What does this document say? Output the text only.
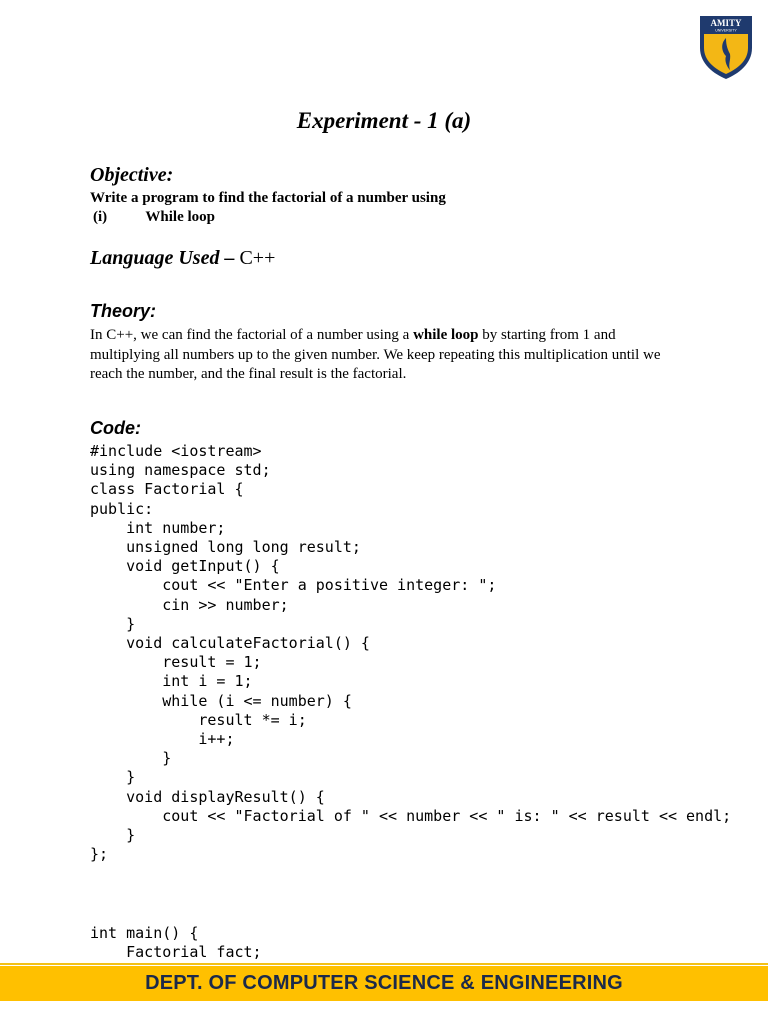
AMITY
UNIVERSITY
Experiment - 1 (a)
Objective:
Write a program to find the factorial of a number using
(i)	While loop
Language Used – C++
Theory:
In C++, we can find the factorial of a number using a while loop by starting from 1 and multiplying all numbers up to the given number. We keep repeating this multiplication until we reach the number, and the final result is the factorial.
Code:
#include <iostream>
using namespace std;
class Factorial {
public:
int number;
unsigned long long result;
void getInput() {
cout << "Enter a positive integer: ";
cin >> number;
}
void calculateFactorial() {
result = 1;
int i = 1;
while (i <= number) {
result *= i;
i++;
}
}
void displayResult() {
cout << "Factorial of " << number << " is: " << result << endl;
}
};
int main() {
Factorial fact;
DEPT. OF COMPUTER SCIENCE & ENGINEERING
